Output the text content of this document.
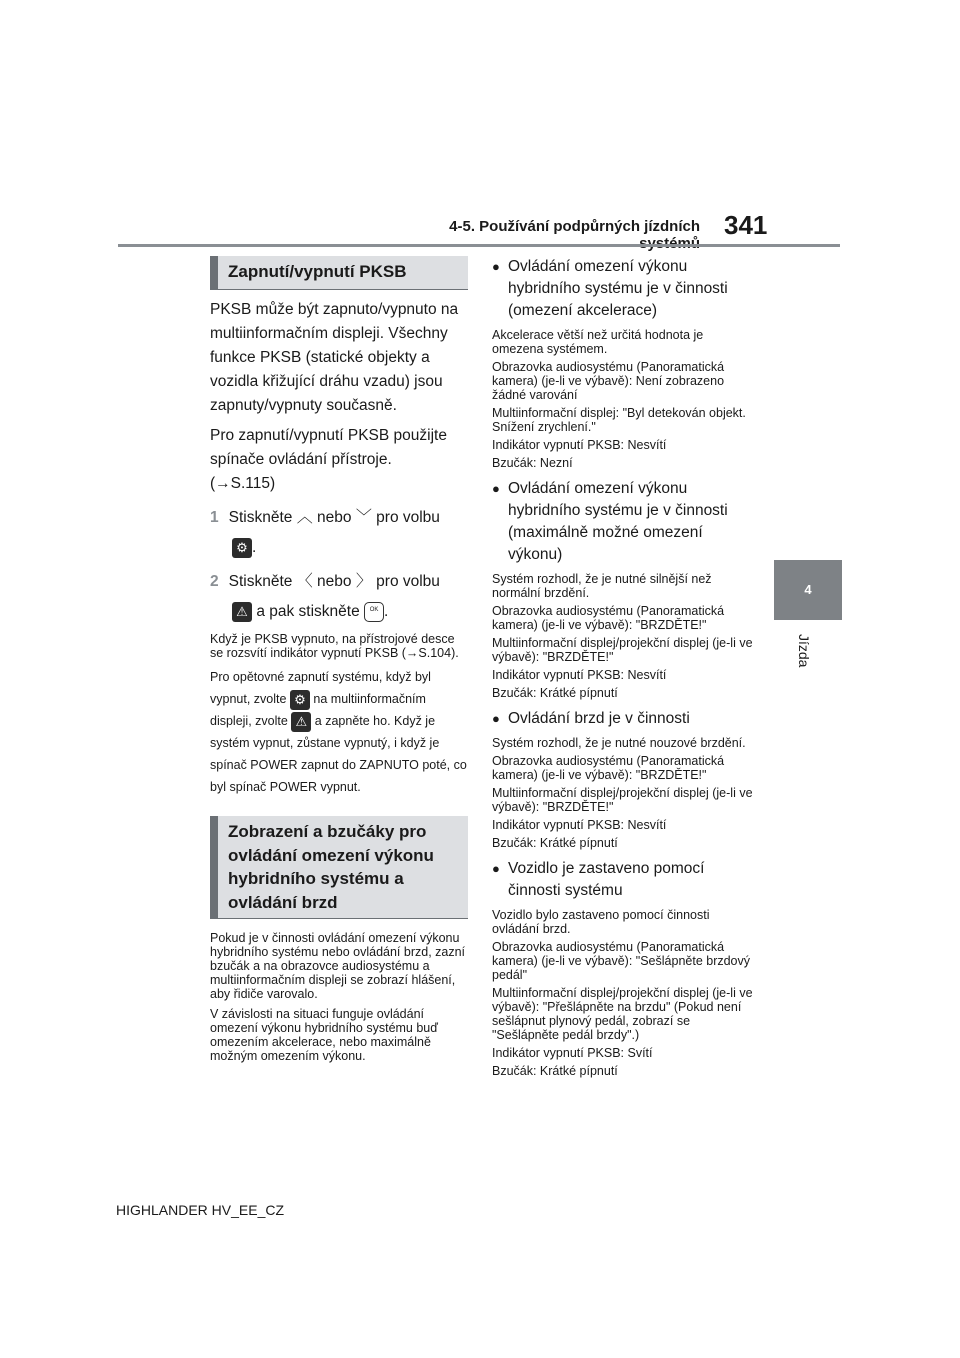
4-5. Používání podpůrných jízdních 341
4
Jízda
Zapnutí/vypnutí PKSB

PKSB může být zapnuto/vypnuto na multiinformačním displeji. Všechny funkce PKSB (statické objekty a vozidla křižující dráhu vzadu) jsou zapnuty/vypnuty současně.

Pro zapnutí/vypnutí PKSB použijte spínače ovládání přístroje.

(→S.115)

1 Stiskněte ︿ nebo ﹀ pro volbu
⚙ .
2 Stiskněte 〈 nebo 〉 pro volbu
⚠ a pak stiskněte OK .

Když je PKSB vypnuto, na přístrojové desce se rozsvítí indikátor vypnutí PKSB (→S.104).

Pro opětovné zapnutí systému, když byl vypnut, zvolte ⚙ na multiinformačním displeji, zvolte ⚠ a zapněte ho. Když je systém vypnut, zůstane vypnutý, i když je spínač POWER zapnut do ZAPNUTO poté, co byl spínač POWER vypnut.

Zobrazení a bzučáky pro ovládání omezení výkonu hybridního systému a ovládání brzd

Pokud je v činnosti ovládání omezení výkonu hybridního systému nebo ovládání brzd, zazní bzučák a na obrazovce audiosystému a multiinformačním displeji se zobrazí hlášení, aby řidiče varovalo.

V závislosti na situaci funguje ovládání omezení výkonu hybridního systému buď omezením akcelerace, nebo maximálně možným omezením výkonu.

● Ovládání omezení výkonu hybridního systému je v činnosti (omezení akcelerace)

Akcelerace větší než určitá hodnota je omezena systémem.

Obrazovka audiosystému (Panoramatická kamera) (je-li ve výbavě): Není zobrazeno žádné varování

Multiinformační displej: "Byl detekován objekt. Snížení zrychlení."

Indikátor vypnutí PKSB: Nesvítí

Bzučák: Nezní

● Ovládání omezení výkonu hybridního systému je v činnosti (maximálně možné omezení výkonu)

Systém rozhodl, že je nutné silnější než normální brzdění.

Obrazovka audiosystému (Panoramatická kamera) (je-li ve výbavě): "BRZDĚTE!"

Multiinformační displej/projekční displej (je-li ve výbavě): "BRZDĚTE!"

Indikátor vypnutí PKSB: Nesvítí

Bzučák: Krátké pípnutí

● Ovládání brzd je v činnosti

Systém rozhodl, že je nutné nouzové brzdění.

Obrazovka audiosystému (Panoramatická kamera) (je-li ve výbavě): "BRZDĚTE!"

Multiinformační displej/projekční displej (je-li ve výbavě): "BRZDĚTE!"

Indikátor vypnutí PKSB: Nesvítí

Bzučák: Krátké pípnutí

● Vozidlo je zastaveno pomocí činnosti systému

Vozidlo bylo zastaveno pomocí činnosti ovládání brzd.

Obrazovka audiosystému (Panoramatická kamera) (je-li ve výbavě): "Sešlápněte brzdový pedál"

Multiinformační displej/projekční displej (je-li ve výbavě): "Přešlápněte na brzdu" (Pokud není sešlápnut plynový pedál, zobrazí se "Sešlápněte pedál brzdy".)

Indikátor vypnutí PKSB: Svítí

Bzučák: Krátké pípnutí

HIGHLANDER HV_EE_CZ
